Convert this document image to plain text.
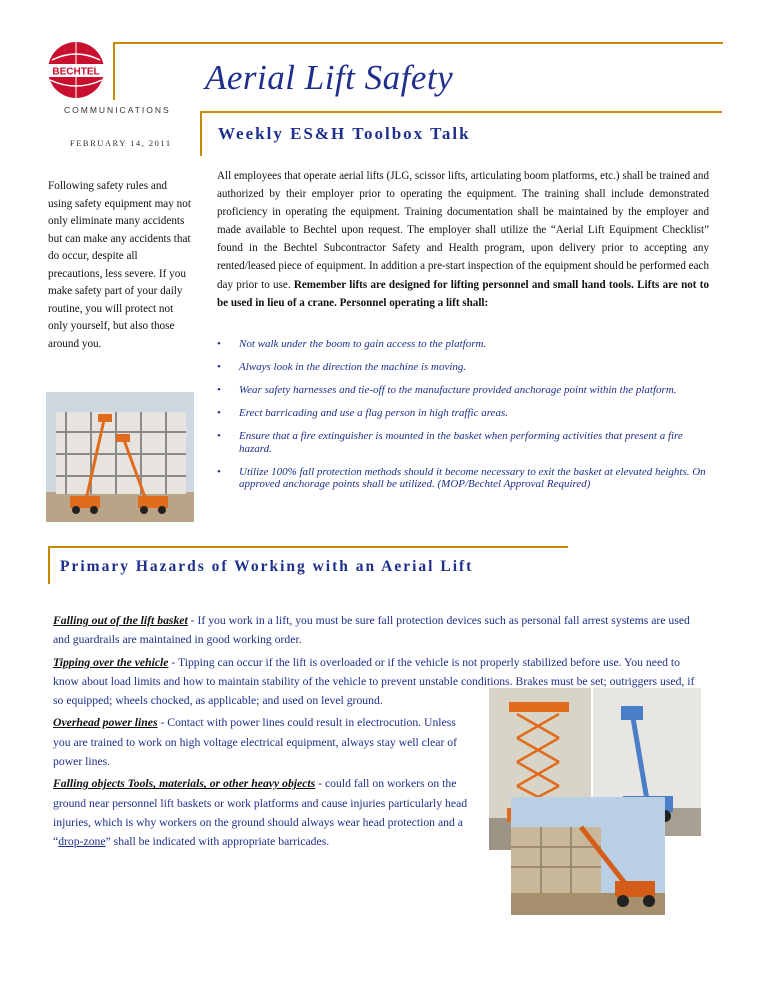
BECHTEL
COMMUNICATIONS
FEBRUARY 14, 2011
Aerial Lift Safety
Weekly ES&H Toolbox Talk
Following safety rules and using safety equipment may not only eliminate many accidents but can make any accidents that do occur, despite all precautions, less severe. If you make safety part of your daily routine, you will protect not only yourself, but also those around you.
All employees that operate aerial lifts (JLG, scissor lifts, articulating boom platforms, etc.) shall be trained and authorized by their employer prior to operating the equipment. The training shall include demonstrated proficiency in operating the equipment. Training documentation shall be maintained by the employer and made available to Bechtel upon request. The employer shall utilize the “Aerial Lift Equipment Checklist” found in the Bechtel Subcontractor Safety and Health program, upon delivery prior to accepting any rented/leased piece of equipment. In addition a pre-start inspection of the equipment should be performed each day prior to use. Remember lifts are designed for lifting personnel and small hand tools. Lifts are not to be used in lieu of a crane. Personnel operating a lift shall:
• Not walk under the boom to gain access to the platform.
• Always look in the direction the machine is moving.
• Wear safety harnesses and tie-off to the manufacture provided anchorage point within the platform.
• Erect barricading and use a flag person in high traffic areas.
• Ensure that a fire extinguisher is mounted in the basket when performing activities that present a fire hazard.
• Utilize 100% fall protection methods should it become necessary to exit the basket at elevated heights. On approved anchorage points shall be utilized. (MOP/Bechtel Approval Required)
Primary Hazards of Working with an Aerial Lift

Falling out of the lift basket - If you work in a lift, you must be sure fall protection devices such as personal fall arrest systems are used and guardrails are maintained in good working order.

Tipping over the vehicle - Tipping can occur if the lift is overloaded or if the vehicle is not properly stabilized before use. You need to know about load limits and how to maintain stability of the vehicle to prevent unstable conditions. Brakes must be set; outriggers used, if so equipped; wheels chocked, as applicable; and used on level ground.

Overhead power lines - Contact with power lines could result in electrocution. Unless you are trained to work on high voltage electrical equipment, always stay well clear of power lines.

Falling objects Tools, materials, or other heavy objects - could fall on workers on the ground near personnel lift baskets or work platforms and cause injuries particularly head injuries, which is why workers on the ground should always wear head protection and a “drop-zone” shall be indicated with appropriate barricades.
